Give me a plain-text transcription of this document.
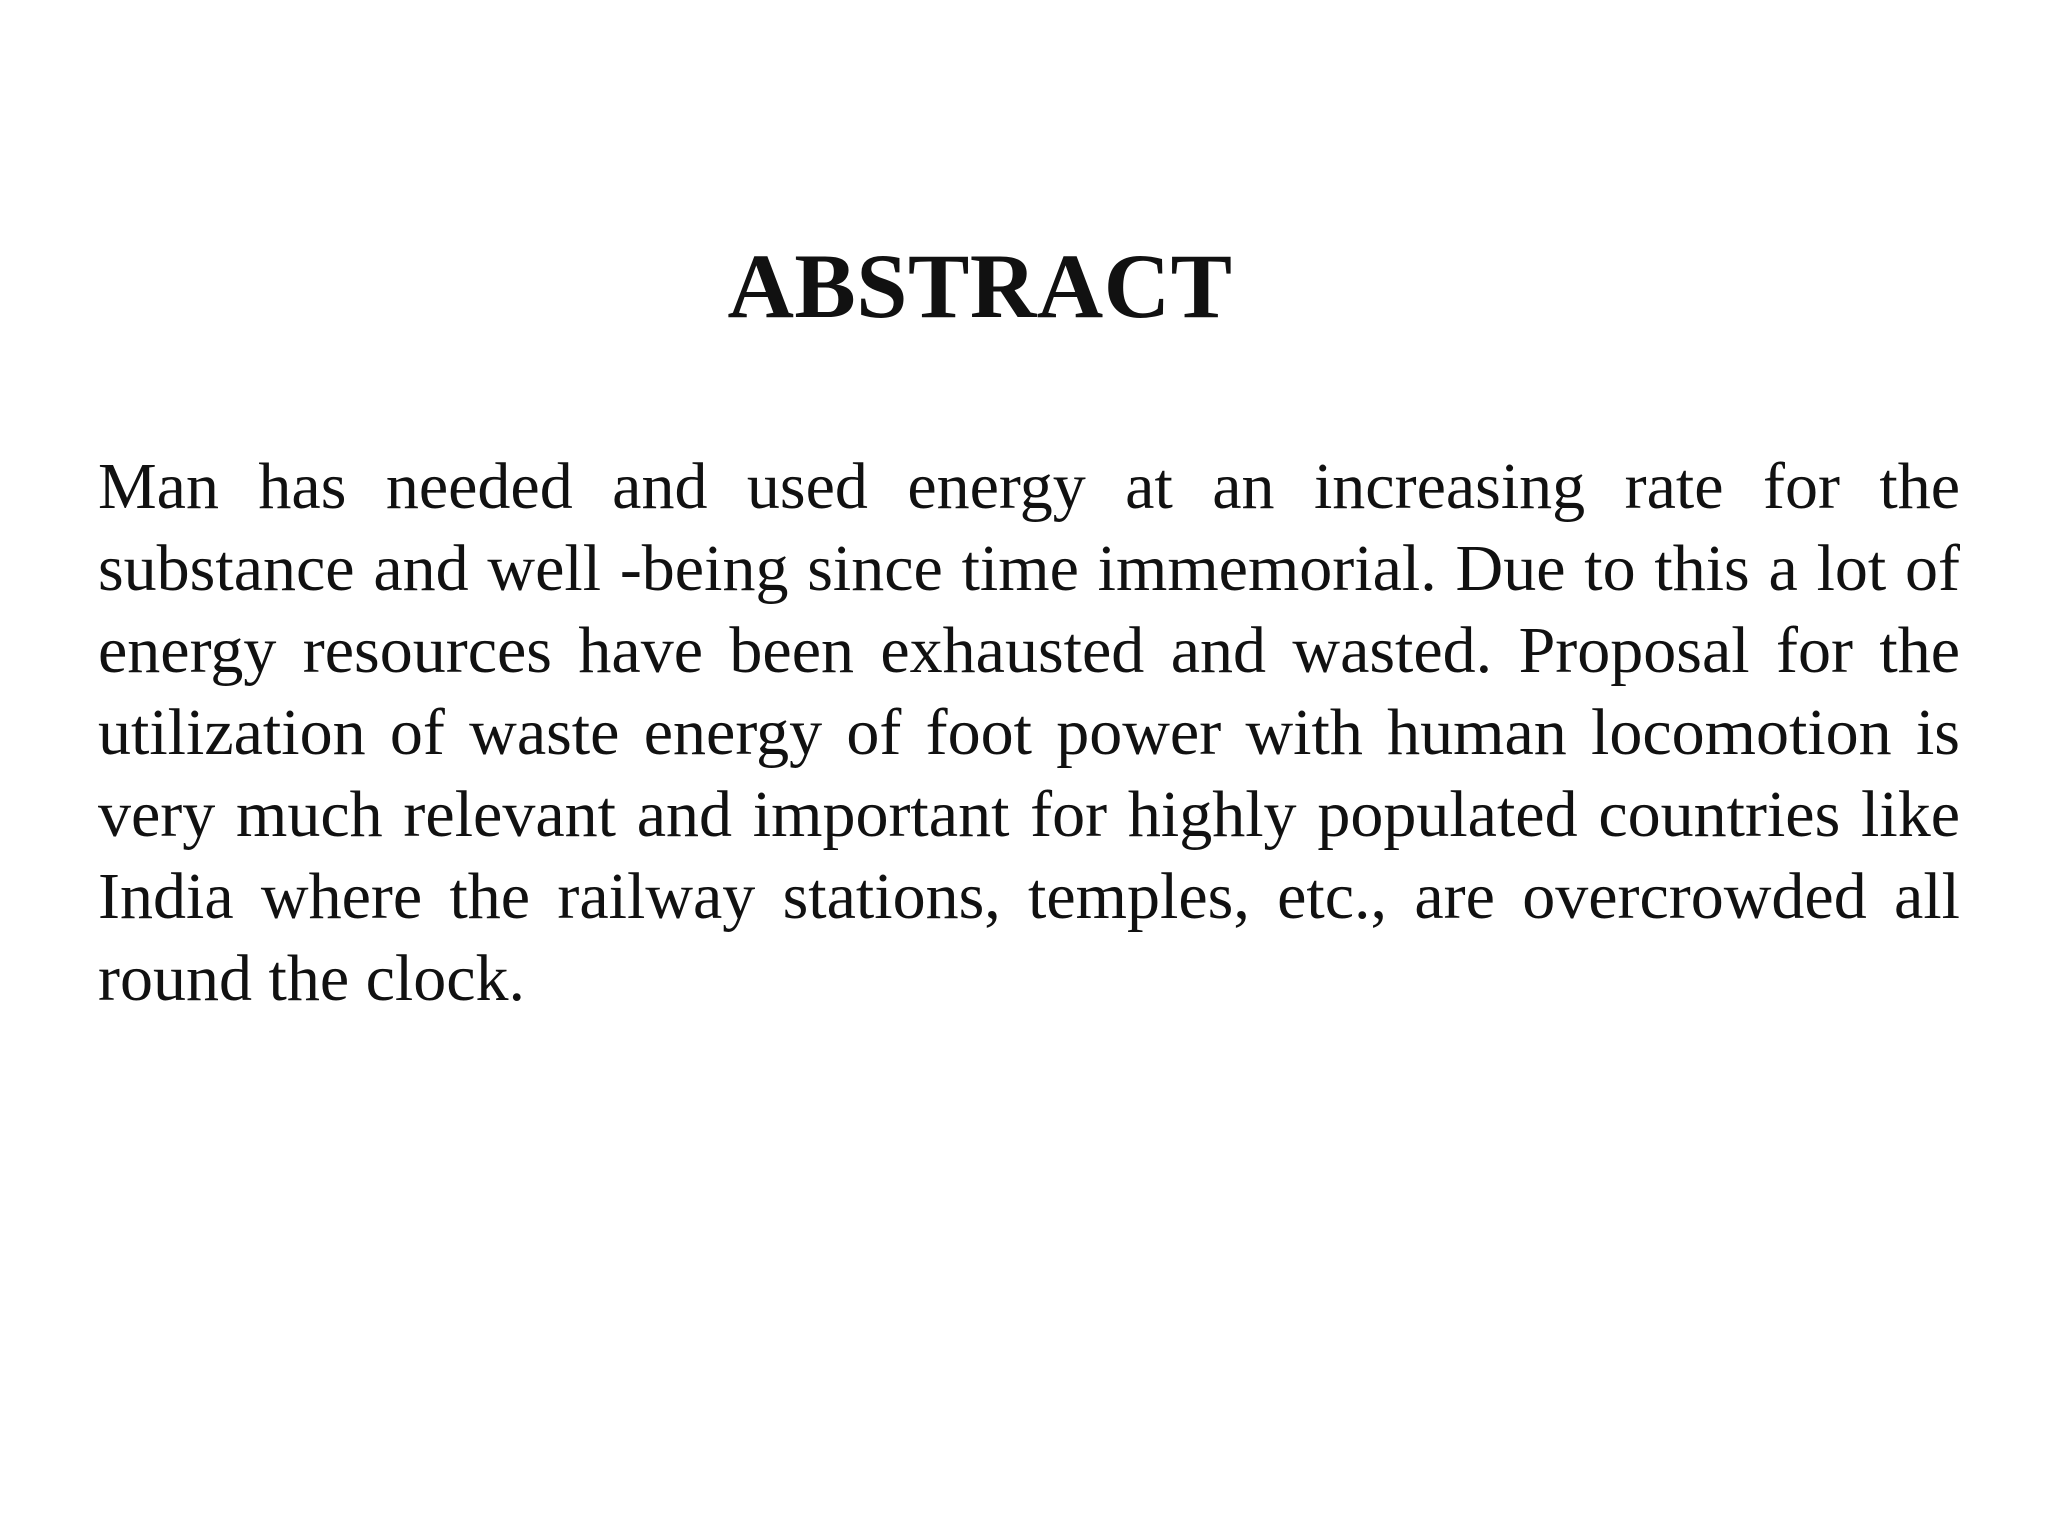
ABSTRACT

Man has needed and used energy at an increasing rate for the substance and well -being since time immemorial. Due to this a lot of energy resources have been exhausted and wasted. Proposal for the utilization of waste energy of foot power with human locomotion is very much relevant and important for highly populated countries like India where the railway stations, temples, etc., are overcrowded all round the clock.
